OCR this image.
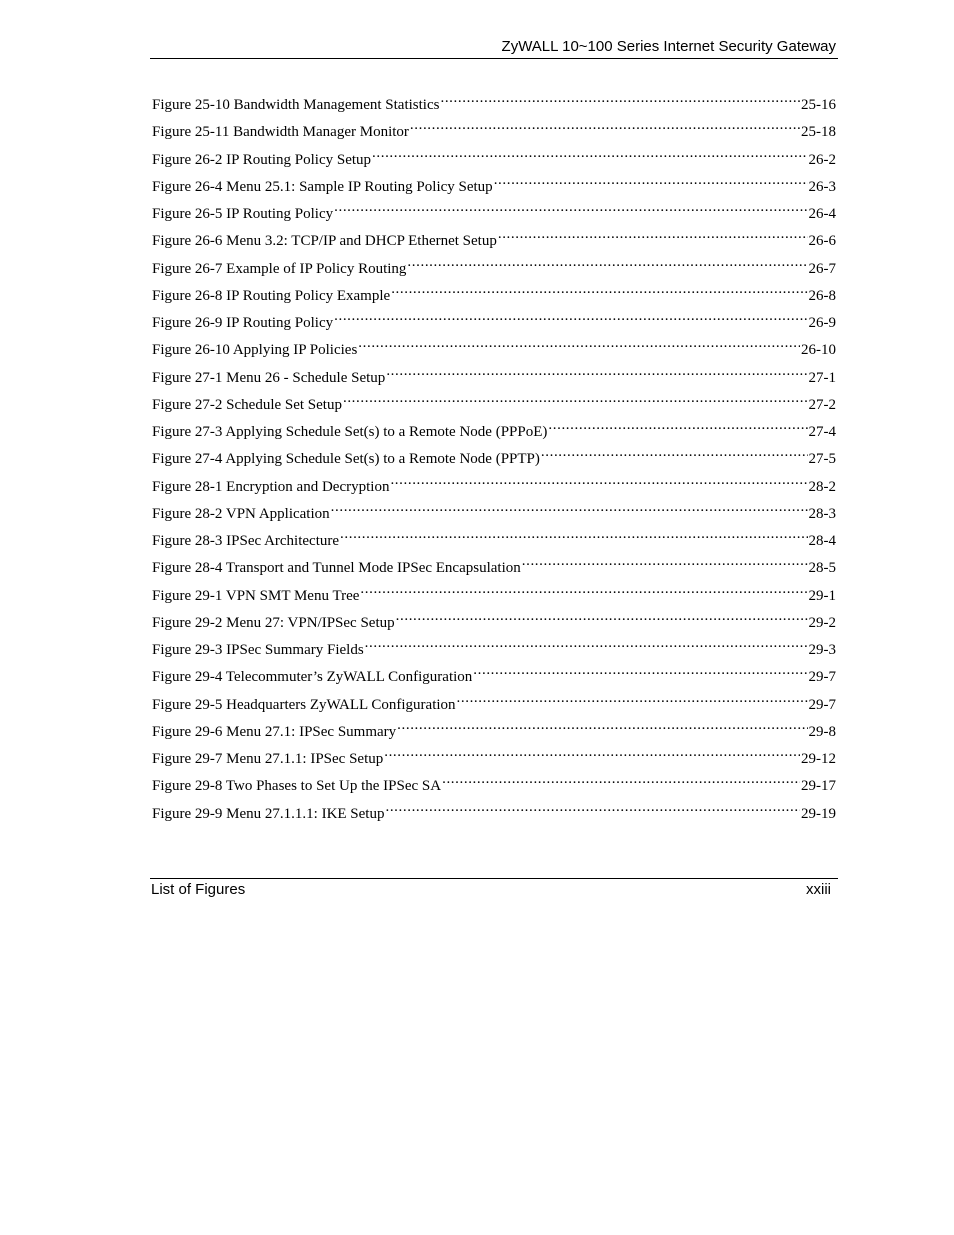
ZyWALL 10~100 Series Internet Security Gateway
Figure 25-10 Bandwidth Management Statistics .....	25-16
Figure 25-11 Bandwidth Manager Monitor .....	25-18
Figure 26-2 IP Routing Policy Setup .....	26-2
Figure 26-4 Menu 25.1: Sample IP Routing Policy Setup .....	26-3
Figure 26-5 IP Routing Policy .....	26-4
Figure 26-6 Menu 3.2: TCP/IP and DHCP Ethernet Setup .....	26-6
Figure 26-7 Example of IP Policy Routing .....	26-7
Figure 26-8 IP Routing Policy Example .....	26-8
Figure 26-9 IP Routing Policy .....	26-9
Figure 26-10 Applying IP Policies .....	26-10
Figure 27-1 Menu 26 - Schedule Setup .....	27-1
Figure 27-2 Schedule Set Setup .....	27-2
Figure 27-3 Applying Schedule Set(s) to a Remote Node (PPPoE) .....	27-4
Figure 27-4 Applying Schedule Set(s) to a Remote Node (PPTP) .....	27-5
Figure 28-1 Encryption and Decryption .....	28-2
Figure 28-2 VPN Application .....	28-3
Figure 28-3 IPSec Architecture .....	28-4
Figure 28-4 Transport and Tunnel Mode IPSec Encapsulation .....	28-5
Figure 29-1 VPN SMT Menu Tree .....	29-1
Figure 29-2 Menu 27: VPN/IPSec Setup .....	29-2
Figure 29-3 IPSec Summary Fields .....	29-3
Figure 29-4 Telecommuter’s ZyWALL Configuration .....	29-7
Figure 29-5 Headquarters ZyWALL Configuration .....	29-7
Figure 29-6 Menu 27.1: IPSec Summary .....	29-8
Figure 29-7 Menu 27.1.1: IPSec Setup .....	29-12
Figure 29-8 Two Phases to Set Up the IPSec SA .....	29-17
Figure 29-9 Menu 27.1.1.1: IKE Setup .....	29-19
List of Figures	xxiii
